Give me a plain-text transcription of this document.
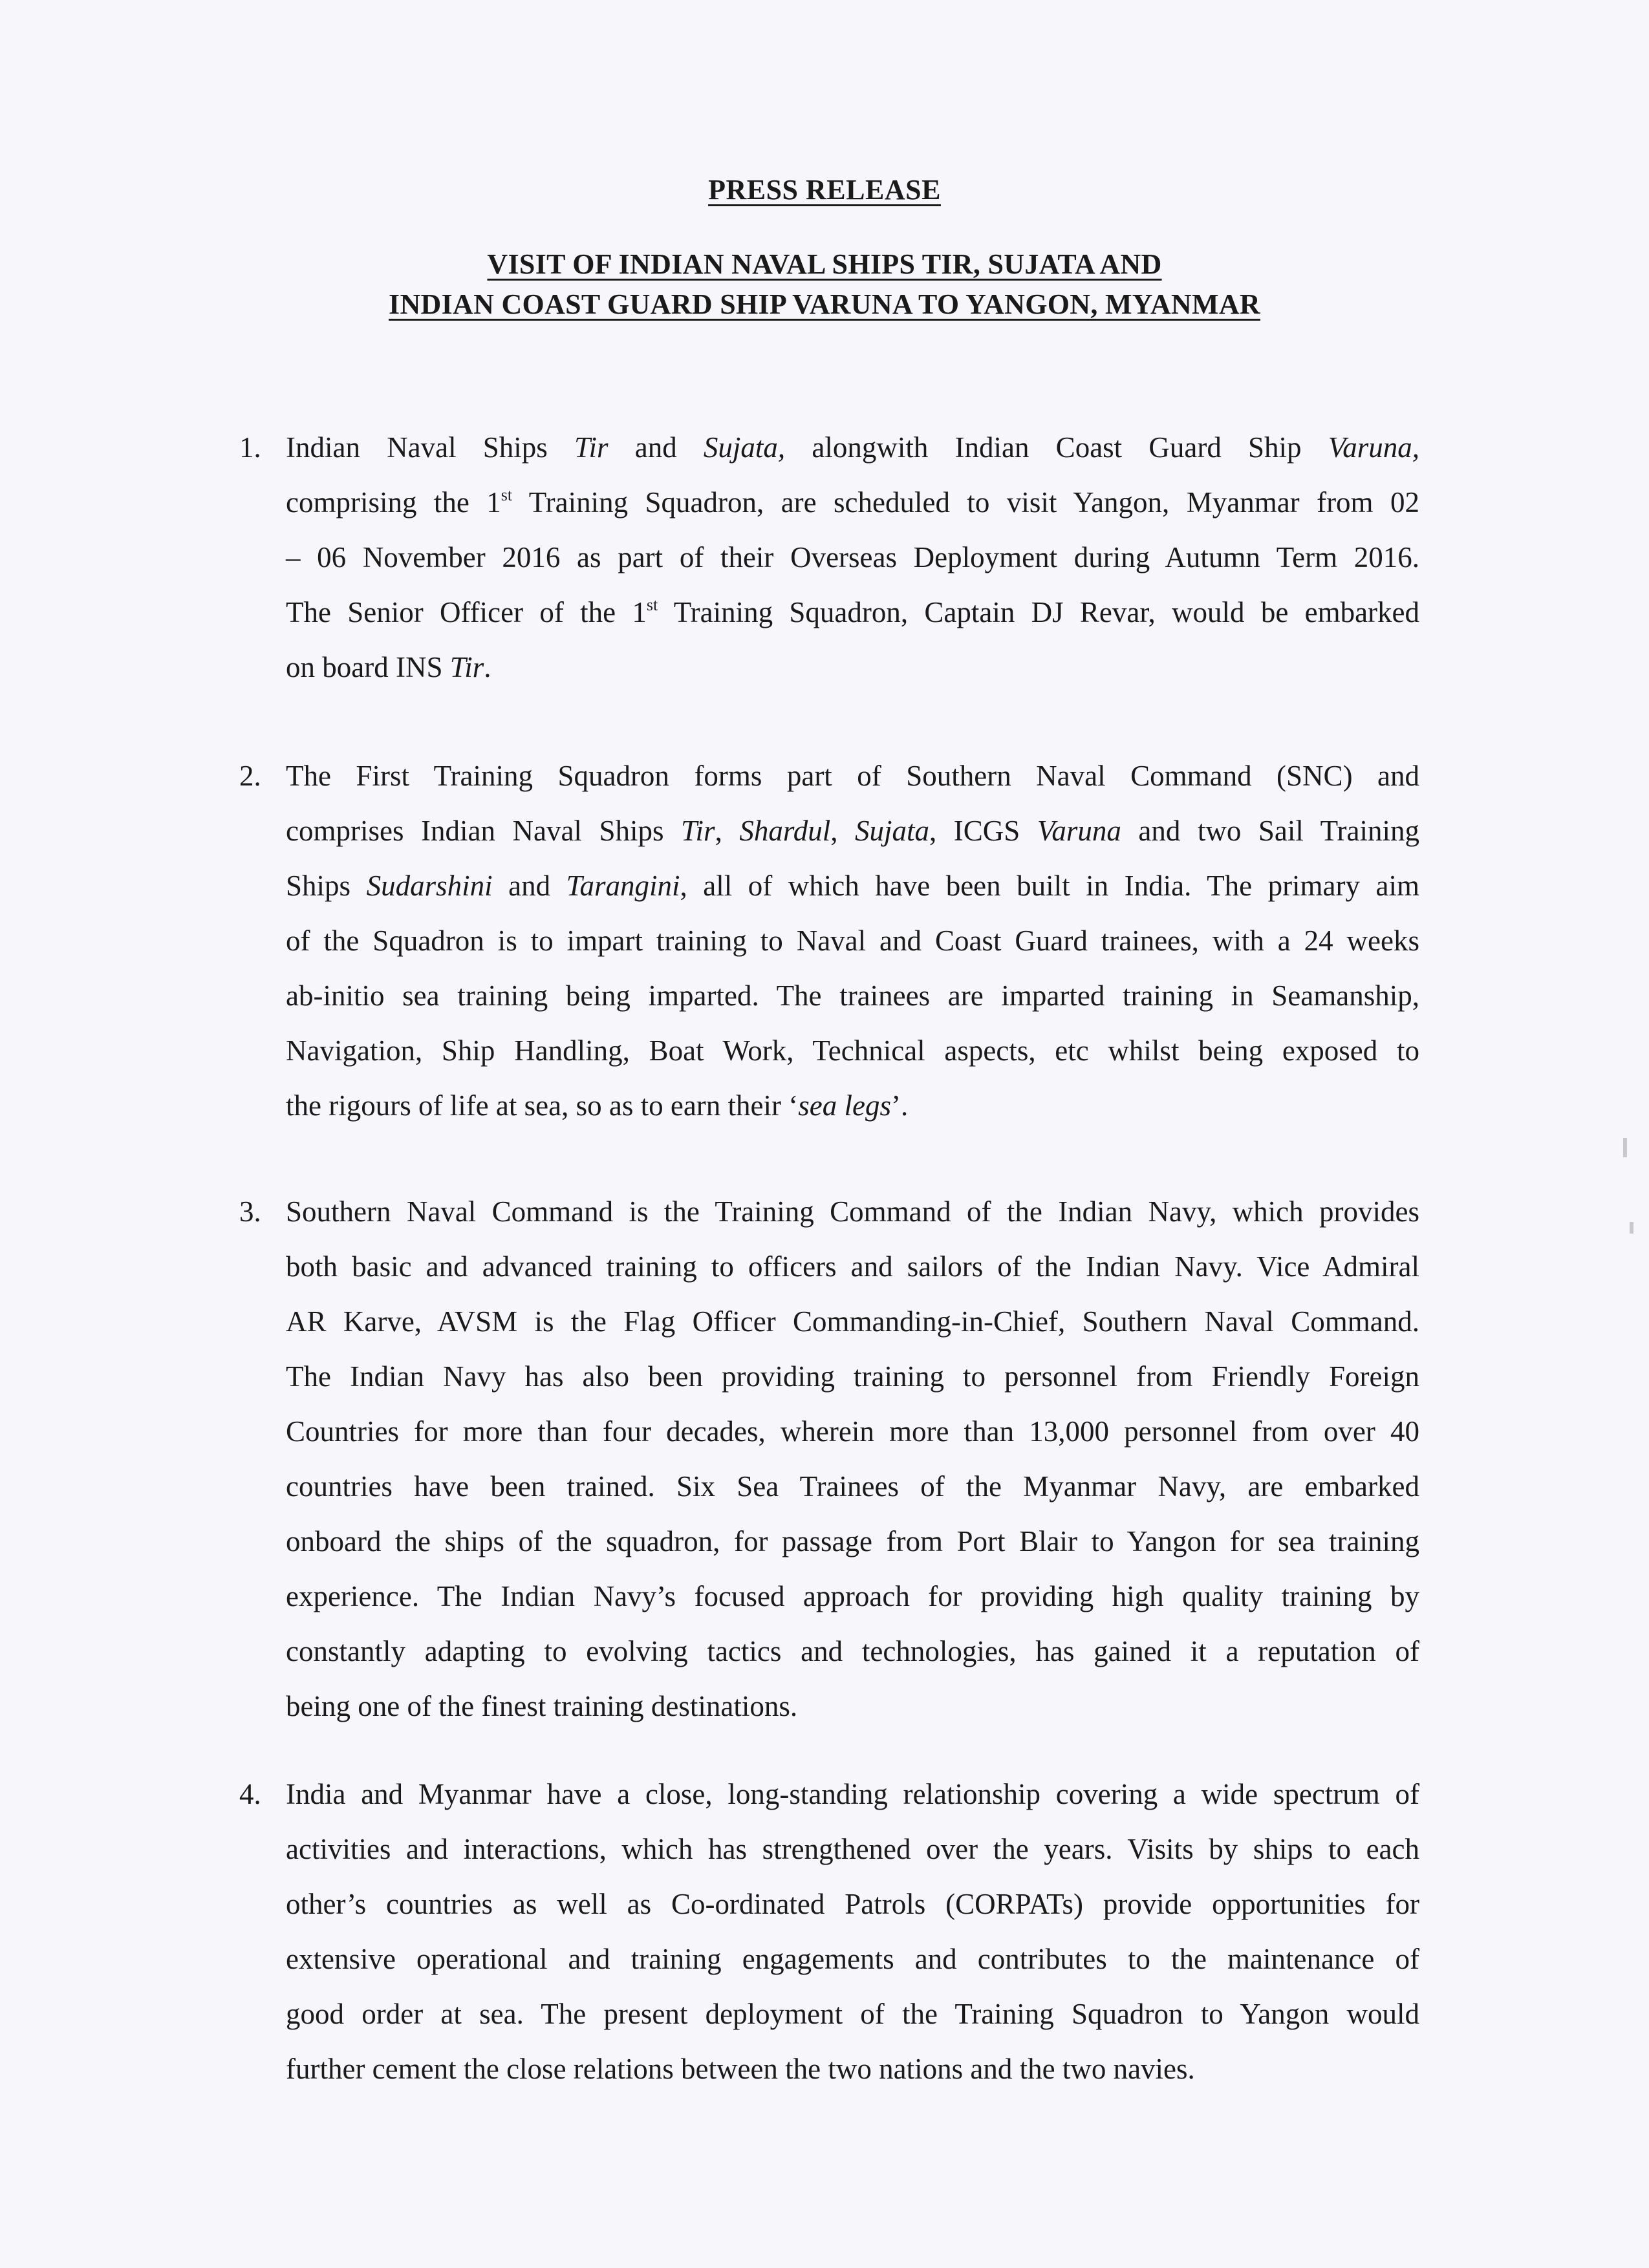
PRESS RELEASE
VISIT OF INDIAN NAVAL SHIPS TIR, SUJATA AND
INDIAN COAST GUARD SHIP VARUNA TO YANGON, MYANMAR
1. Indian Naval Ships Tir and Sujata, alongwith Indian Coast Guard Ship Varuna,
comprising the 1st Training Squadron, are scheduled to visit Yangon, Myanmar from 02
– 06 November 2016 as part of their Overseas Deployment during Autumn Term 2016.
The Senior Officer of the 1st Training Squadron, Captain DJ Revar, would be embarked
on board INS Tir.
2. The First Training Squadron forms part of Southern Naval Command (SNC) and
comprises Indian Naval Ships Tir, Shardul, Sujata, ICGS Varuna and two Sail Training
Ships Sudarshini and Tarangini, all of which have been built in India. The primary aim
of the Squadron is to impart training to Naval and Coast Guard trainees, with a 24 weeks
ab-initio sea training being imparted. The trainees are imparted training in Seamanship,
Navigation, Ship Handling, Boat Work, Technical aspects, etc whilst being exposed to
the rigours of life at sea, so as to earn their ‘sea legs’.
3. Southern Naval Command is the Training Command of the Indian Navy, which provides
both basic and advanced training to officers and sailors of the Indian Navy. Vice Admiral
AR Karve, AVSM is the Flag Officer Commanding-in-Chief, Southern Naval Command.
The Indian Navy has also been providing training to personnel from Friendly Foreign
Countries for more than four decades, wherein more than 13,000 personnel from over 40
countries have been trained. Six Sea Trainees of the Myanmar Navy, are embarked
onboard the ships of the squadron, for passage from Port Blair to Yangon for sea training
experience. The Indian Navy’s focused approach for providing high quality training by
constantly adapting to evolving tactics and technologies, has gained it a reputation of
being one of the finest training destinations.
4. India and Myanmar have a close, long-standing relationship covering a wide spectrum of
activities and interactions, which has strengthened over the years. Visits by ships to each
other’s countries as well as Co-ordinated Patrols (CORPATs) provide opportunities for
extensive operational and training engagements and contributes to the maintenance of
good order at sea. The present deployment of the Training Squadron to Yangon would
further cement the close relations between the two nations and the two navies.
